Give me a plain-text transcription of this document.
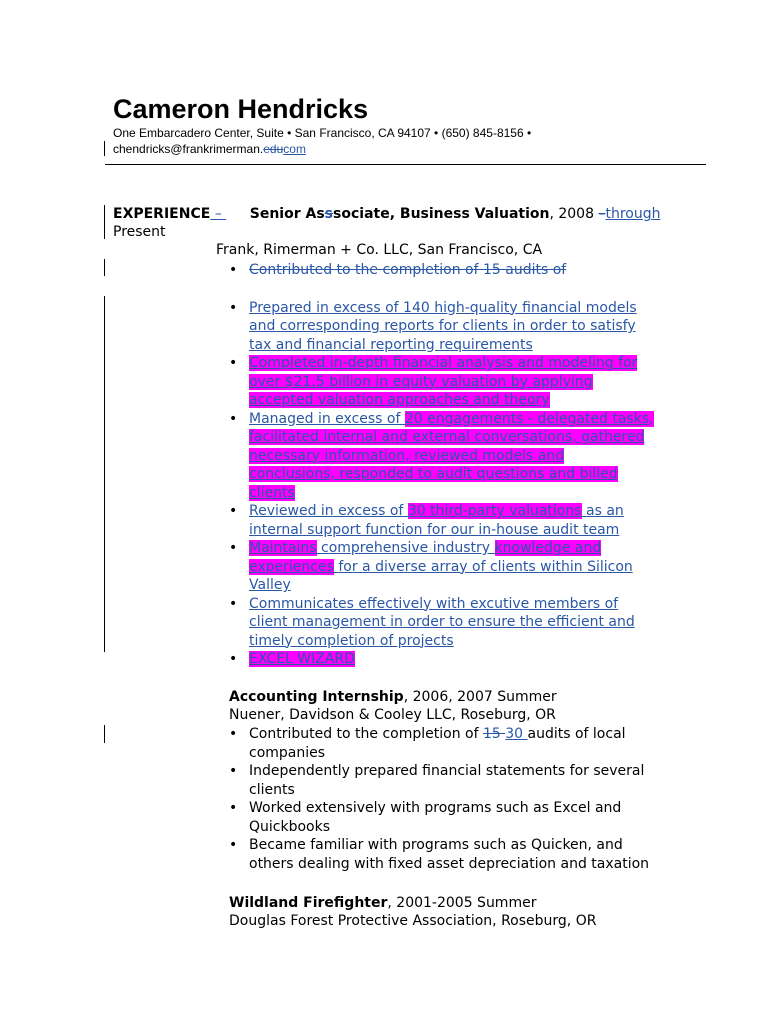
Cameron Hendricks
One Embarcadero Center, Suite • San Francisco, CA 94107 • (650) 845-8156 •
chendricks@frankrimerman.educom
EXPERIENCE – Senior Asssociate, Business Valuation, 2008 –through
Present
Frank, Rimerman + Co. LLC, San Francisco, CA
• Contributed to the completion of 15 audits of
• Prepared in excess of 140 high-quality financial models and corresponding reports for clients in order to satisfy tax and financial reporting requirements
• Completed in-depth financial analysis and modeling for over $21.5 billion in equity valuation by applying accepted valuation approaches and theory
• Managed in excess of 20 engagements - delegated tasks, facilitated internal and external conversations, gathered necessary information, reviewed models and conclusions, responded to audit questions and billed clients
• Reviewed in excess of 30 third-party valuations as an internal support function for our in-house audit team
• Maintains comprehensive industry knowledge and experiences for a diverse array of clients within Silicon Valley
• Communicates effectively with excutive members of client management in order to ensure the efficient and timely completion of projects
• EXCEL WIZARD
Accounting Internship, 2006, 2007 Summer
Nuener, Davidson & Cooley LLC, Roseburg, OR
• Contributed to the completion of 15 30 audits of local companies
• Independently prepared financial statements for several clients
• Worked extensively with programs such as Excel and Quickbooks
• Became familiar with programs such as Quicken, and others dealing with fixed asset depreciation and taxation
Wildland Firefighter, 2001-2005 Summer
Douglas Forest Protective Association, Roseburg, OR
